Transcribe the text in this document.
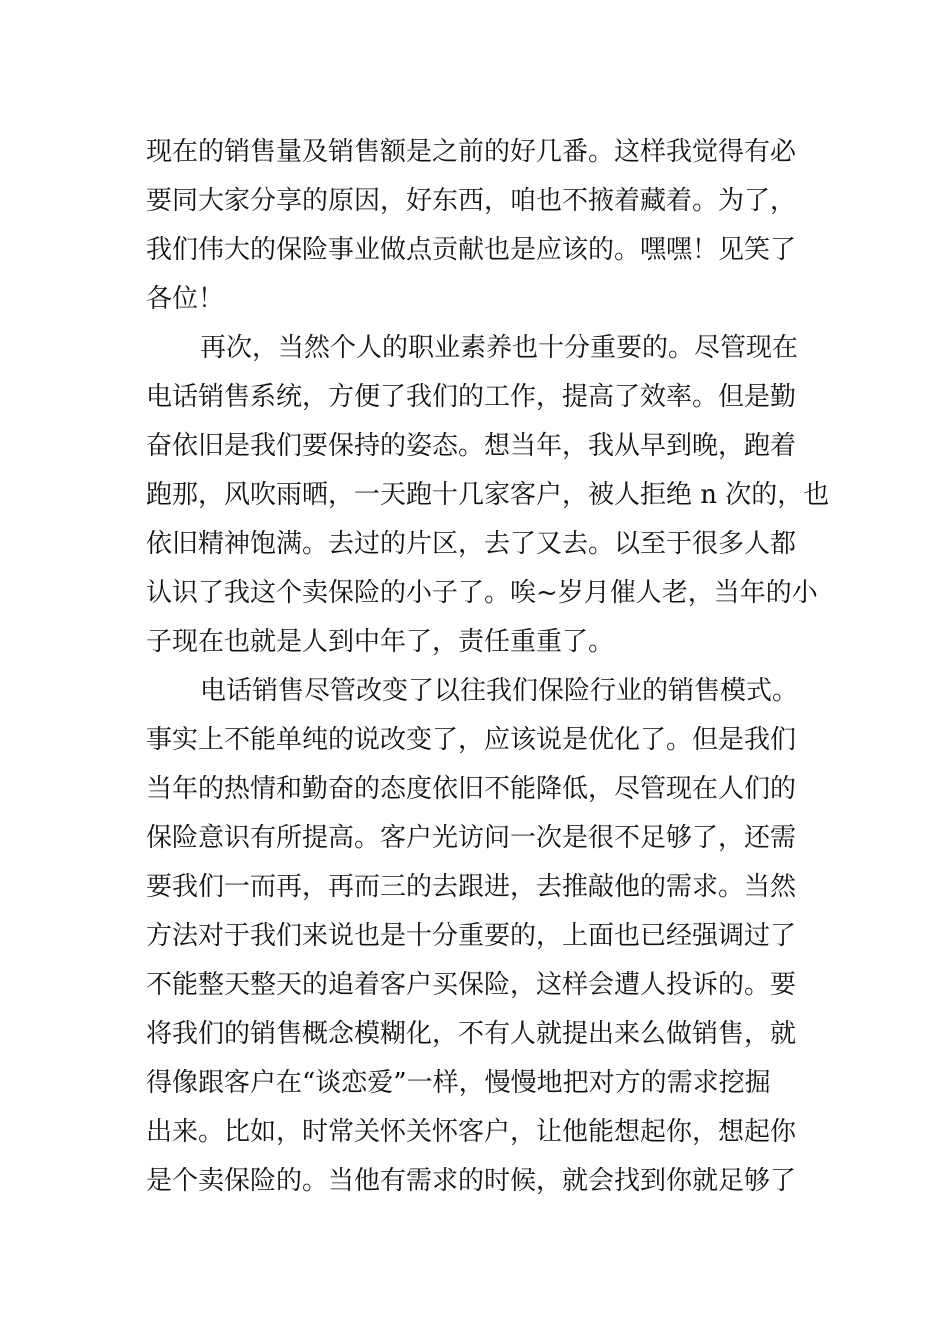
现在的销售量及销售额是之前的好几番。这样我觉得有必
要同大家分享的原因，好东西，咱也不掖着藏着。为了，
我们伟大的保险事业做点贡献也是应该的。嘿嘿！见笑了
各位！
再次，当然个人的职业素养也十分重要的。尽管现在
电话销售系统，方便了我们的工作，提高了效率。但是勤
奋依旧是我们要保持的姿态。想当年，我从早到晚，跑着
跑那，风吹雨晒，一天跑十几家客户，被人拒绝 n 次的，也
依旧精神饱满。去过的片区，去了又去。以至于很多人都
认识了我这个卖保险的小子了。唉~岁月催人老，当年的小
子现在也就是人到中年了，责任重重了。
电话销售尽管改变了以往我们保险行业的销售模式。
事实上不能单纯的说改变了，应该说是优化了。但是我们
当年的热情和勤奋的态度依旧不能降低，尽管现在人们的
保险意识有所提高。客户光访问一次是很不足够了，还需
要我们一而再，再而三的去跟进，去推敲他的需求。当然
方法对于我们来说也是十分重要的，上面也已经强调过了
不能整天整天的追着客户买保险，这样会遭人投诉的。要
将我们的销售概念模糊化，不有人就提出来么做销售，就
得像跟客户在“谈恋爱”一样，慢慢地把对方的需求挖掘
出来。比如，时常关怀关怀客户，让他能想起你，想起你
是个卖保险的。当他有需求的时候，就会找到你就足够了
